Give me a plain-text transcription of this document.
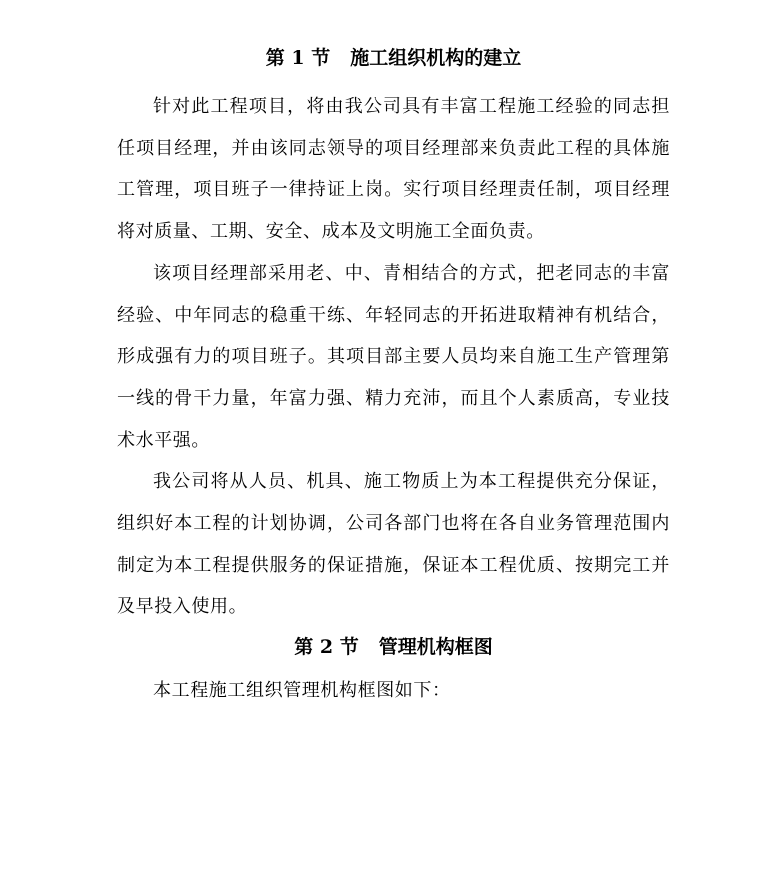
第 1 节 施工组织机构的建立

针对此工程项目，将由我公司具有丰富工程施工经验的同志担任项目经理，并由该同志领导的项目经理部来负责此工程的具体施工管理，项目班子一律持证上岗。实行项目经理责任制，项目经理将对质量、工期、安全、成本及文明施工全面负责。

该项目经理部采用老、中、青相结合的方式，把老同志的丰富经验、中年同志的稳重干练、年轻同志的开拓进取精神有机结合，形成强有力的项目班子。其项目部主要人员均来自施工生产管理第一线的骨干力量，年富力强、精力充沛，而且个人素质高，专业技术水平强。

我公司将从人员、机具、施工物质上为本工程提供充分保证，组织好本工程的计划协调，公司各部门也将在各自业务管理范围内制定为本工程提供服务的保证措施，保证本工程优质、按期完工并及早投入使用。

第 2 节 管理机构框图

本工程施工组织管理机构框图如下：
